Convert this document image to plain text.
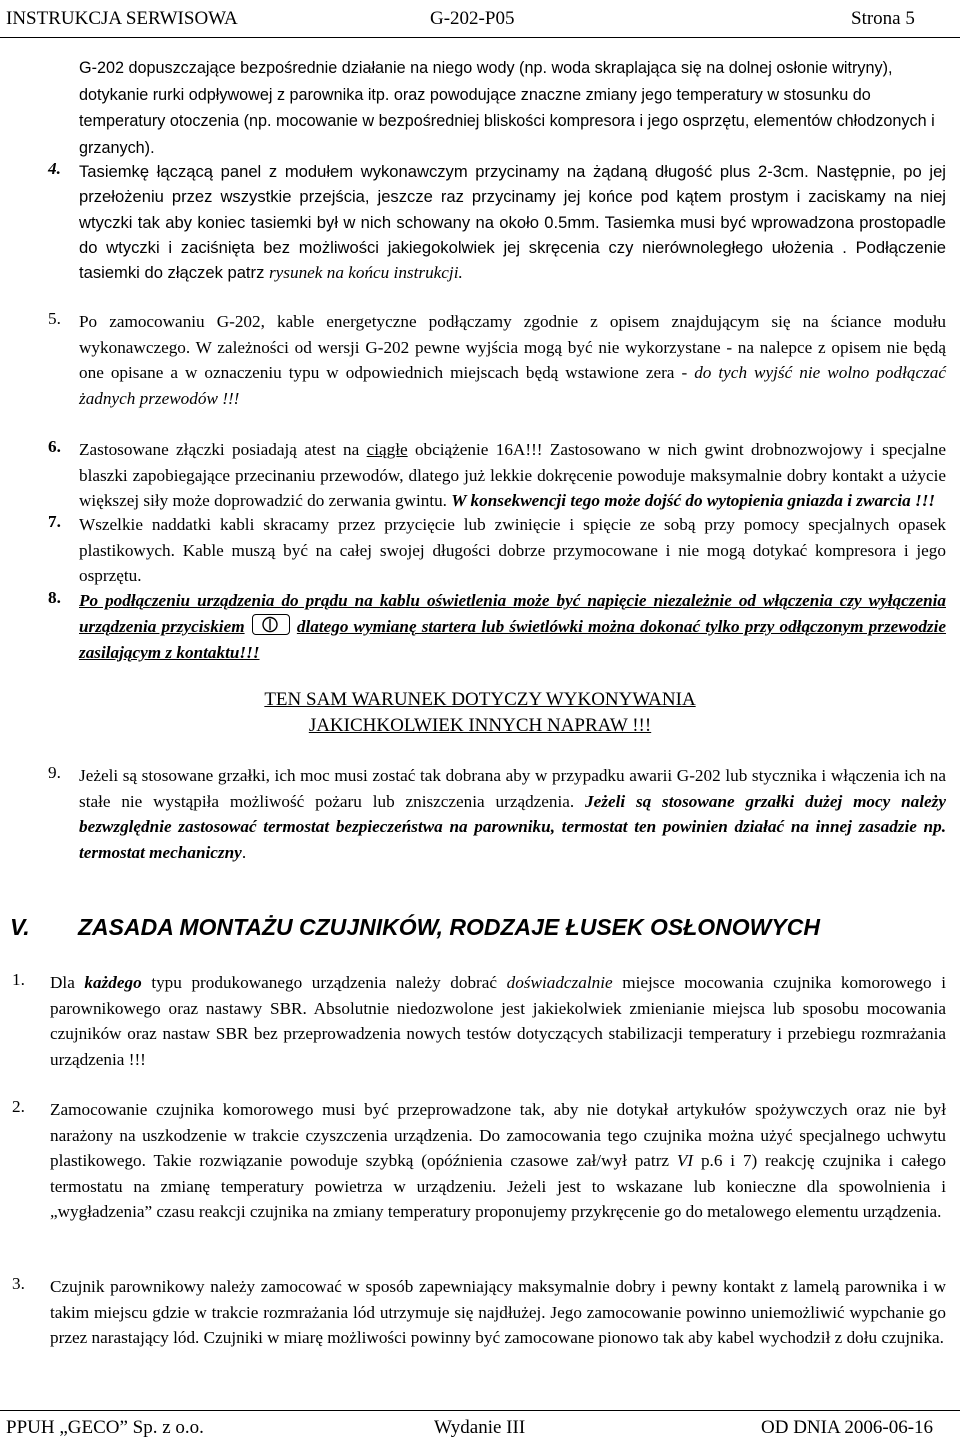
INSTRUKCJA SERWISOWA	G-202-P05	Strona 5
G-202 dopuszczające bezpośrednie działanie na niego wody (np. woda skraplająca się na dolnej osłonie witryny), dotykanie rurki odpływowej z parownika itp. oraz powodujące znaczne zmiany jego temperatury w stosunku do temperatury otoczenia (np. mocowanie w bezpośredniej bliskości kompresora i jego osprzętu, elementów chłodzonych i grzanych).
4. Tasiemkę łączącą panel z modułem wykonawczym przycinamy na żądaną długość plus 2-3cm. Następnie, po jej przełożeniu przez wszystkie przejścia, jeszcze raz przycinamy jej końce pod kątem prostym i zaciskamy na niej wtyczki tak aby koniec tasiemki był w nich schowany na około 0.5mm. Tasiemka musi być wprowadzona prostopadle do wtyczki i zaciśnięta bez możliwości jakiegokolwiek jej skręcenia czy nierównoległego ułożenia . Podłączenie tasiemki do złączek patrz rysunek na końcu instrukcji.
5. Po zamocowaniu G-202, kable energetyczne podłączamy zgodnie z opisem znajdującym się na ściance modułu wykonawczego. W zależności od wersji G-202 pewne wyjścia mogą być nie wykorzystane - na nalepce z opisem nie będą one opisane a w oznaczeniu typu w odpowiednich miejscach będą wstawione zera - do tych wyjść nie wolno podłączać żadnych przewodów !!!
6. Zastosowane złączki posiadają atest na ciągłe obciążenie 16A!!! Zastosowano w nich gwint drobnozwojowy i specjalne blaszki zapobiegające przecinaniu przewodów, dlatego już lekkie dokręcenie powoduje maksymalnie dobry kontakt a użycie większej siły może doprowadzić do zerwania gwintu. W konsekwencji tego może dojść do wytopienia gniazda i zwarcia !!!
7. Wszelkie naddatki kabli skracamy przez przycięcie lub zwinięcie i spięcie ze sobą przy pomocy specjalnych opasek plastikowych. Kable muszą być na całej swojej długości dobrze przymocowane i nie mogą dotykać kompresora i jego osprzętu.
8. Po podłączeniu urządzenia do prądu na kablu oświetlenia może być napięcie niezależnie od włączenia czy wyłączenia urządzenia przyciskiem	dlatego wymianę startera lub świetlówki można dokonać tylko przy odłączonym przewodzie zasilającym z kontaktu!!!
TEN SAM WARUNEK DOTYCZY WYKONYWANIA
JAKICHKOLWIEK INNYCH NAPRAW !!!
9. Jeżeli są stosowane grzałki, ich moc musi zostać tak dobrana aby w przypadku awarii G-202 lub stycznika i włączenia ich na stałe nie wystąpiła możliwość pożaru lub zniszczenia urządzenia. Jeżeli są stosowane grzałki dużej mocy należy bezwzględnie zastosować termostat bezpieczeństwa na parowniku, termostat ten powinien działać na innej zasadzie np. termostat mechaniczny.
V. ZASADA MONTAŻU CZUJNIKÓW, RODZAJE ŁUSEK OSŁONOWYCH
1. Dla każdego typu produkowanego urządzenia należy dobrać doświadczalnie miejsce mocowania czujnika komorowego i parownikowego oraz nastawy SBR. Absolutnie niedozwolone jest jakiekolwiek zmienianie miejsca lub sposobu mocowania czujników oraz nastaw SBR bez przeprowadzenia nowych testów dotyczących stabilizacji temperatury i przebiegu rozmrażania urządzenia !!!
2. Zamocowanie czujnika komorowego musi być przeprowadzone tak, aby nie dotykał artykułów spożywczych oraz nie był narażony na uszkodzenie w trakcie czyszczenia urządzenia. Do zamocowania tego czujnika można użyć specjalnego uchwytu plastikowego. Takie rozwiązanie powoduje szybką (opóźnienia czasowe zał/wył patrz VI p.6 i 7) reakcję czujnika i całego termostatu na zmianę temperatury powietrza w urządzeniu. Jeżeli jest to wskazane lub konieczne dla spowolnienia i „wygładzenia” czasu reakcji czujnika na zmiany temperatury proponujemy przykręcenie go do metalowego elementu urządzenia.
3. Czujnik parownikowy należy zamocować w sposób zapewniający maksymalnie dobry i pewny kontakt z lamelą parownika i w takim miejscu gdzie w trakcie rozmrażania lód utrzymuje się najdłużej. Jego zamocowanie powinno uniemożliwić wypchanie go przez narastający lód. Czujniki w miarę możliwości powinny być zamocowane pionowo tak aby kabel wychodził z dołu czujnika.
PPUH „GECO” Sp. z o.o.	Wydanie III	OD DNIA 2006-06-16
